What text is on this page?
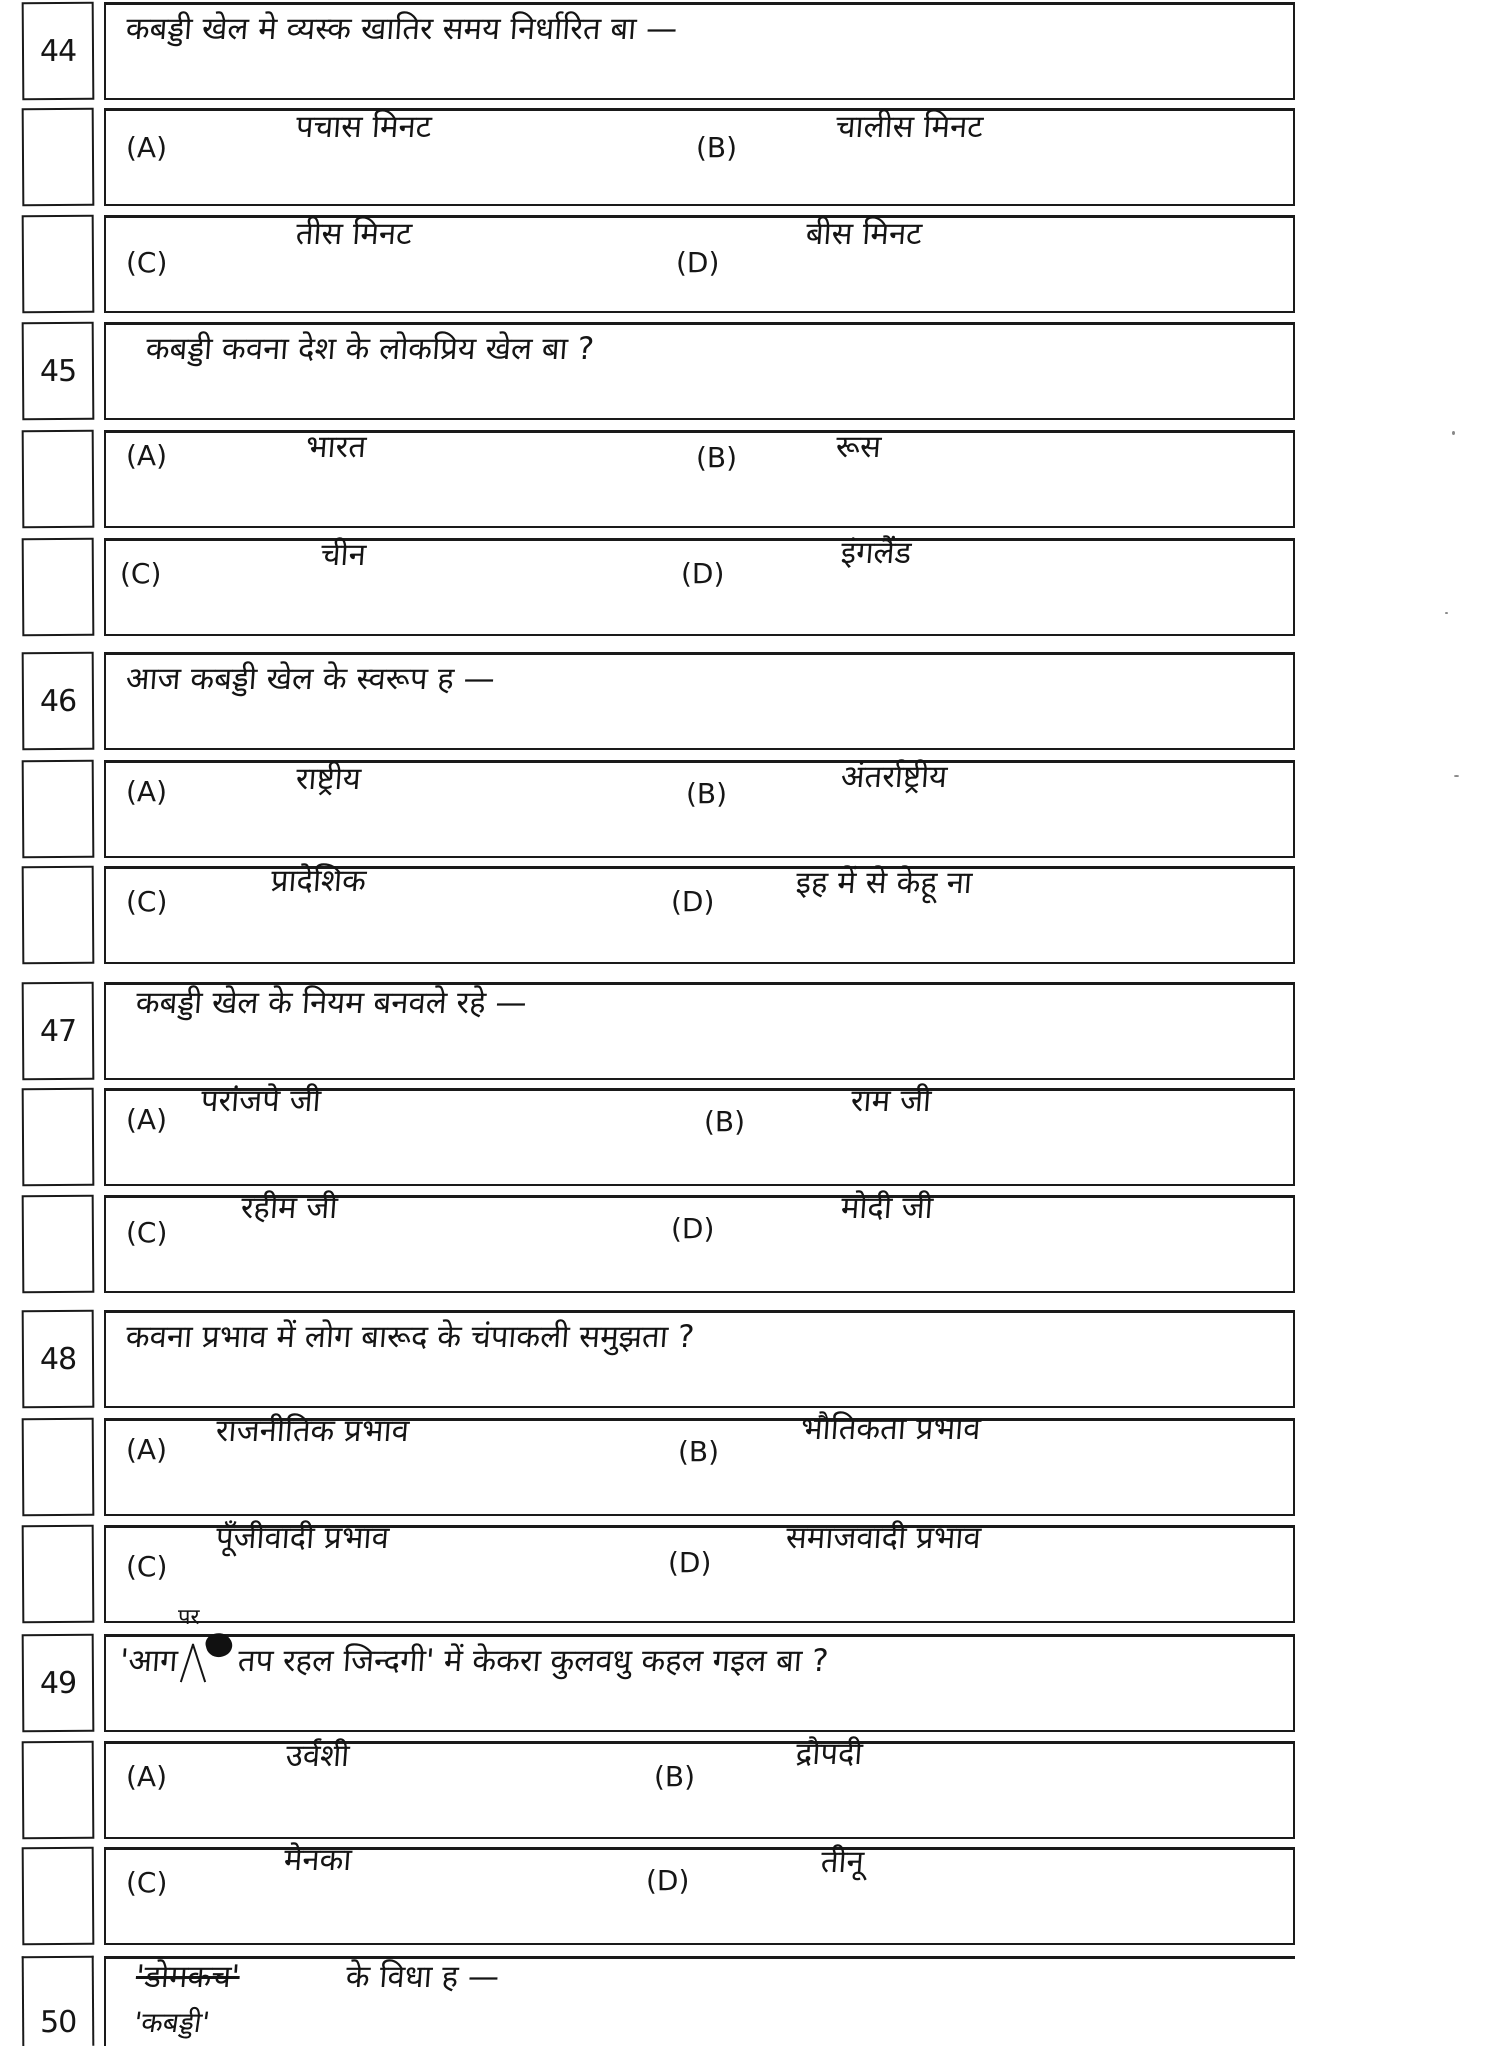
44
कबड्डी खेल मे व्यस्क खातिर समय निर्धारित बा —
(A)
पचास मिनट
(B)
चालीस मिनट
(C)
तीस मिनट
(D)
बीस मिनट
45
कबड्डी कवना देश के लोकप्रिय खेल बा ?
(A)	भारत	(B)	रूस
(C)
चीन
(D)
इंगलैंड
46
आज कबड्डी खेल के स्वरूप ह —
(A)	राष्ट्रीय	(B)	अंतर्राष्ट्रीय
(C)
प्रादेशिक
(D)
इह में से केहू ना
47
कबड्डी खेल के नियम बनवले रहे —
(A)
परांजपे जी
(B)
राम जी
(C)
रहीम जी
(D)
मोदी जी
48
कवना प्रभाव में लोग बारूद के चंपाकली समुझता ?
(A)
राजनीतिक प्रभाव
(B)
भौतिकता प्रभाव
(C)
पूँजीवादी प्रभाव
(D)
समाजवादी प्रभाव
49
पर
'आग तप रहल जिन्दगी' में केकरा कुलवधु कहल गइल बा ?
(A)
उर्वशी
(B)
द्रौपदी
(C)
मेनका
(D)
तीनू
50
'डोमकच'	के विधा ह —
'कबड्डी'
